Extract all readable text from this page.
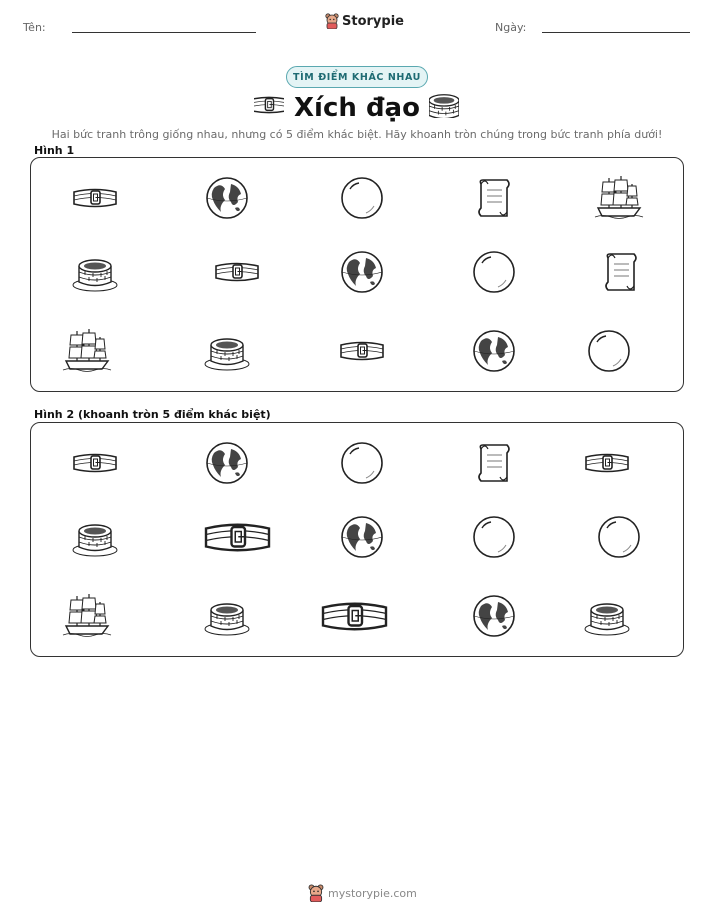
Tên:	Storypie	Ngày:
TÌM ĐIỂM KHÁC NHAU
Xích đạo
Hai bức tranh trông giống nhau, nhưng có 5 điểm khác biệt. Hãy khoanh tròn chúng trong bức tranh phía dưới!
Hình 1
Hình 2 (khoanh tròn 5 điểm khác biệt)
mystorypie.com
